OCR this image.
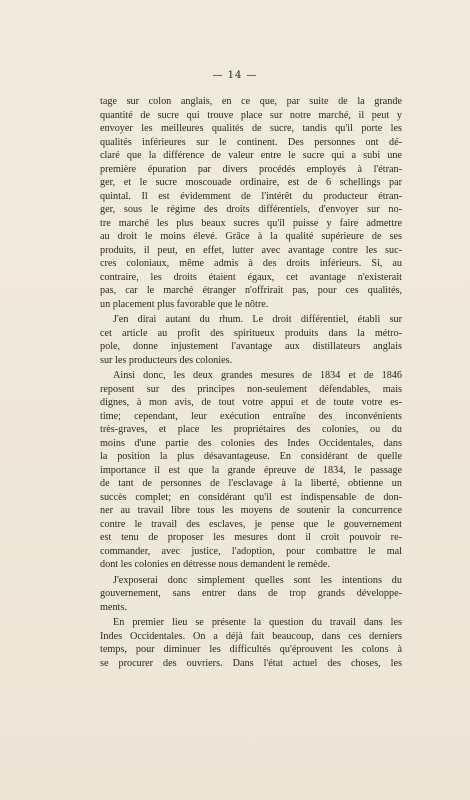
— 14 —
tage sur colon anglais, en ce que, par suite de la grande
quantité de sucre qui trouve place sur notre marché, il peut y
envoyer les meilleures qualités de sucre, tandis qu'il porte les
qualités inférieures sur le continent. Des personnes ont dé-
claré que la différence de valeur entre le sucre qui a subi une
première épuration par divers procédés employés à l'étran-
ger, et le sucre moscouade ordinaire, est de 6 schellings par
quintal. Il est évidemment de l'intérêt du producteur étran-
ger, sous le régime des droits différentiels, d'envoyer sur no-
tre marché les plus beaux sucres qu'il puisse y faire admettre
au droit le moins élevé. Grâce à la qualité supérieure de ses
produits, il peut, en effet, lutter avec avantage contre les suc-
cres coloniaux, même admis à des droits inférieurs. Si, au
contraire, les droits étaient égaux, cet avantage n'existerait
pas, car le marché étranger n'offrirait pas, pour ces qualités,
un placement plus favorable que le nôtre.
J'en dirai autant du rhum. Le droit différentiel, établi sur
cet article au profit des spiritueux produits dans la métro-
pole, donne injustement l'avantage aux distillateurs anglais
sur les producteurs des colonies.
Ainsi donc, les deux grandes mesures de 1834 et de 1846
reposent sur des principes non-seulement défendables, mais
dignes, à mon avis, de tout votre appui et de toute votre es-
time; cependant, leur exécution entraîne des inconvénients
très-graves, et place les propriétaires des colonies, ou du
moins d'une partie des colonies des Indes Occidentales, dans
la position la plus désavantageuse. En considérant de quelle
importance il est que la grande épreuve de 1834, le passage
de tant de personnes de l'esclavage à la liberté, obtienne un
succès complet; en considérant qu'il est indispensable de don-
ner au travail libre tous les moyens de soutenir la concurrence
contre le travail des esclaves, je pense que le gouvernement
est tenu de proposer les mesures dont il croit pouvoir re-
commander, avec justice, l'adoption, pour combattre le mal
dont les colonies en détresse nous demandent le remède.
J'exposerai donc simplement quelles sont les intentions du
gouvernement, sans entrer dans de trop grands développe-
ments.
En premier lieu se présente la question du travail dans les
Indes Occidentales. On a déjà fait beaucoup, dans ces derniers
temps, pour diminuer les difficultés qu'éprouvent les colons à
se procurer des ouvriers. Dans l'état actuel des choses, les
